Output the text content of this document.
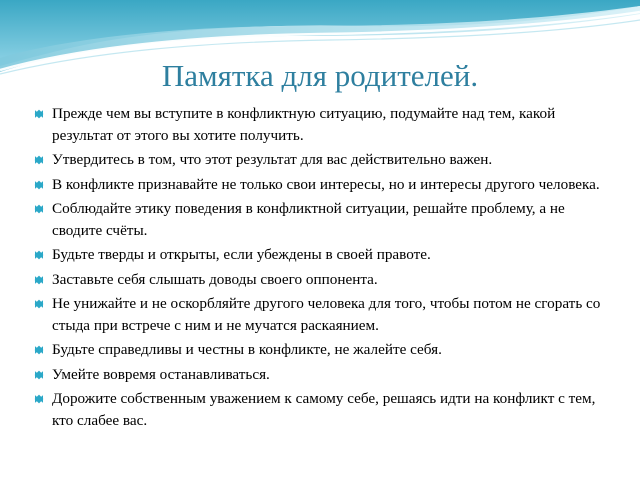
Памятка для родителей.
Прежде чем вы вступите в конфликтную ситуацию, подумайте над тем, какой результат от этого вы хотите получить.
Утвердитесь в том, что этот результат для вас действительно важен.
В конфликте признавайте не только свои интересы, но и интересы другого человека.
Соблюдайте этику поведения в конфликтной ситуации, решайте проблему, а не сводите счёты.
Будьте тверды и открыты, если убеждены в своей правоте.
Заставьте себя слышать доводы своего оппонента.
Не унижайте и не оскорбляйте другого человека для того, чтобы потом не сгорать со стыда при встрече с ним и не мучатся раскаянием.
Будьте справедливы и честны в конфликте, не жалейте себя.
Умейте вовремя останавливаться.
Дорожите собственным уважением к самому себе, решаясь идти на конфликт с тем, кто слабее вас.
